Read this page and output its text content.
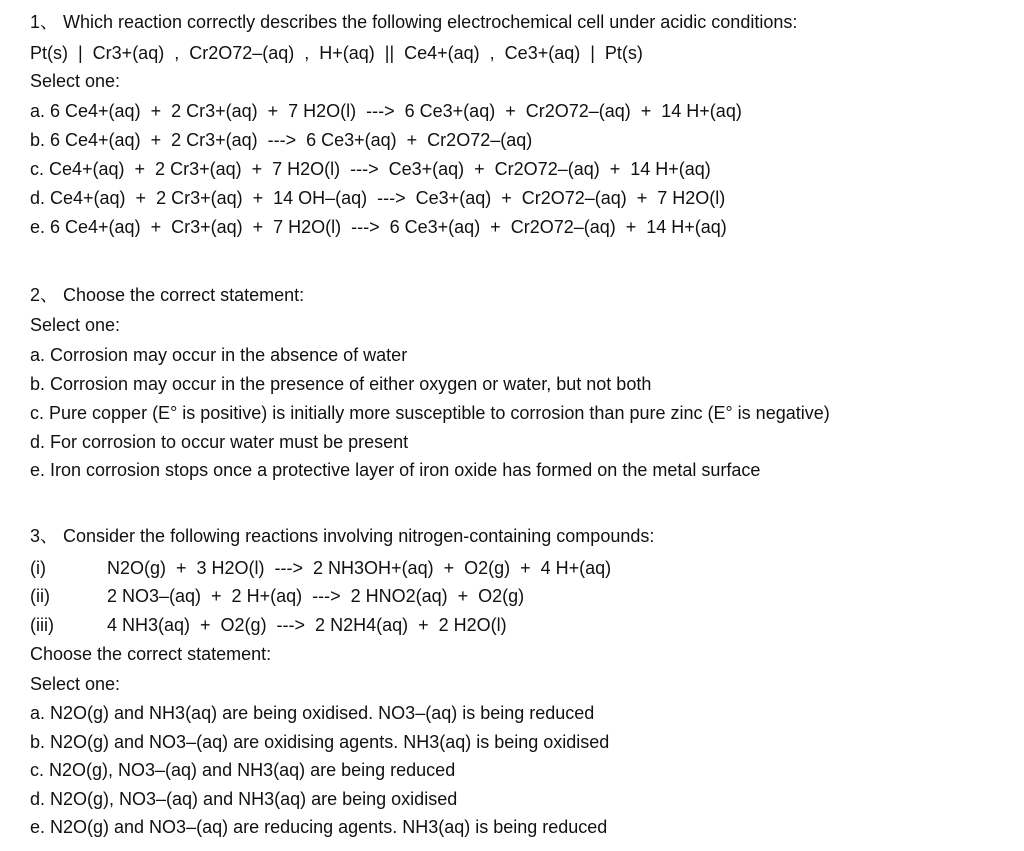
1、 Which reaction correctly describes the following electrochemical cell under acidic conditions:
Pt(s)  |  Cr3+(aq)  ,  Cr2O72–(aq)  ,  H+(aq)  ||  Ce4+(aq)  ,  Ce3+(aq)  |  Pt(s)
Select one:
a. 6 Ce4+(aq)  +  2 Cr3+(aq)  +  7 H2O(l)  --->  6 Ce3+(aq)  +  Cr2O72–(aq)  +  14 H+(aq)
b. 6 Ce4+(aq)  +  2 Cr3+(aq)  --->  6 Ce3+(aq)  +  Cr2O72–(aq)
c. Ce4+(aq)  +  2 Cr3+(aq)  +  7 H2O(l)  --->  Ce3+(aq)  +  Cr2O72–(aq)  +  14 H+(aq)
d. Ce4+(aq)  +  2 Cr3+(aq)  +  14 OH–(aq)  --->  Ce3+(aq)  +  Cr2O72–(aq)  +  7 H2O(l)
e. 6 Ce4+(aq)  +  Cr3+(aq)  +  7 H2O(l)  --->  6 Ce3+(aq)  +  Cr2O72–(aq)  +  14 H+(aq)
2、 Choose the correct statement:
Select one:
a. Corrosion may occur in the absence of water
b. Corrosion may occur in the presence of either oxygen or water, but not both
c. Pure copper (E° is positive) is initially more susceptible to corrosion than pure zinc (E° is negative)
d. For corrosion to occur water must be present
e. Iron corrosion stops once a protective layer of iron oxide has formed on the metal surface
3、 Consider the following reactions involving nitrogen-containing compounds:
(i)	N2O(g)  +  3 H2O(l)  --->  2 NH3OH+(aq)  +  O2(g)  +  4 H+(aq)
(ii)	2 NO3–(aq)  +  2 H+(aq)  --->  2 HNO2(aq)  +  O2(g)
(iii)	4 NH3(aq)  +  O2(g)  --->  2 N2H4(aq)  +  2 H2O(l)
Choose the correct statement:
Select one:
a. N2O(g) and NH3(aq) are being oxidised. NO3–(aq) is being reduced
b. N2O(g) and NO3–(aq) are oxidising agents. NH3(aq) is being oxidised
c. N2O(g), NO3–(aq) and NH3(aq) are being reduced
d. N2O(g), NO3–(aq) and NH3(aq) are being oxidised
e. N2O(g) and NO3–(aq) are reducing agents. NH3(aq) is being reduced
